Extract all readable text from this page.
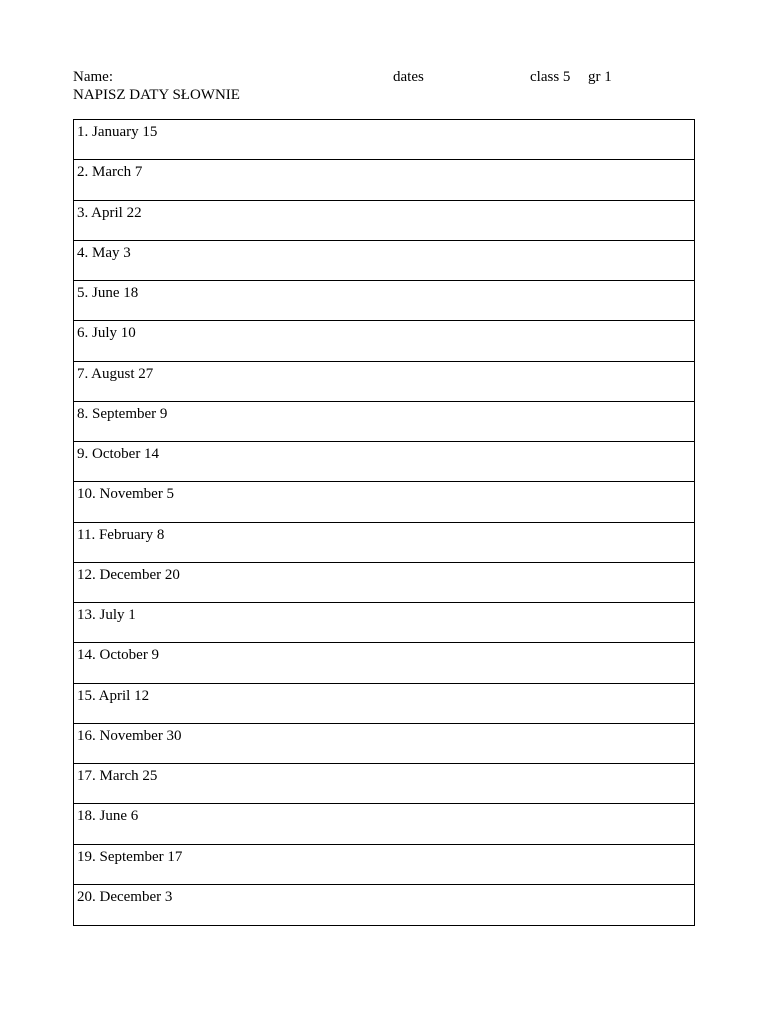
Name:	dates	class 5 gr 1
NAPISZ DATY SŁOWNIE
1. January 15
2. March 7
3. April 22
4. May 3
5. June 18
6. July 10
7. August 27
8. September 9
9. October 14
10. November 5
11. February 8
12. December 20
13. July 1
14. October 9
15. April 12
16. November 30
17. March 25
18. June 6
19. September 17
20. December 3
